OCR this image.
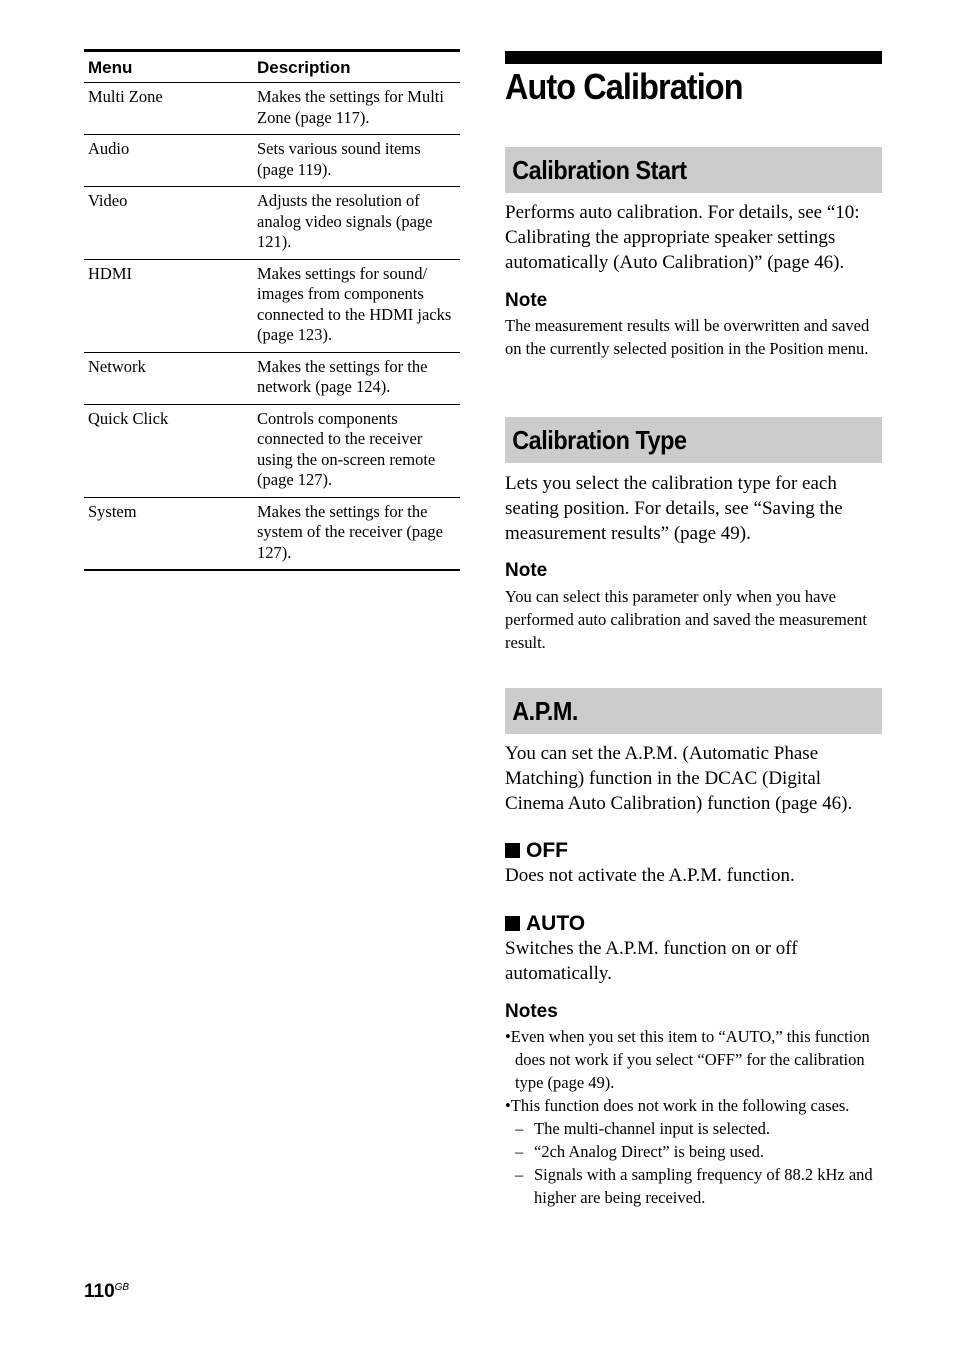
Menu	Description
Multi Zone	Makes the settings for Multi Zone (page 117).
Audio	Sets various sound items (page 119).
Video	Adjusts the resolution of analog video signals (page 121).
HDMI	Makes settings for sound/ images from components connected to the HDMI jacks (page 123).
Network	Makes the settings for the network (page 124).
Quick Click	Controls components connected to the receiver using the on-screen remote (page 127).
System	Makes the settings for the system of the receiver (page 127).
Auto Calibration
Calibration Start

Performs auto calibration. For details, see “10: Calibrating the appropriate speaker settings automatically (Auto Calibration)” (page 46).

Note

The measurement results will be overwritten and saved on the currently selected position in the Position menu.

Calibration Type

Lets you select the calibration type for each seating position. For details, see “Saving the measurement results” (page 49).

Note

You can select this parameter only when you have performed auto calibration and saved the measurement result.

A.P.M.

You can set the A.P.M. (Automatic Phase Matching) function in the DCAC (Digital Cinema Auto Calibration) function (page 46).

OFF

Does not activate the A.P.M. function.

AUTO

Switches the A.P.M. function on or off automatically.

Notes

•Even when you set this item to “AUTO,” this function does not work if you select “OFF” for the calibration type (page 49).
•This function does not work in the following cases.
– The multi-channel input is selected.
– “2ch Analog Direct” is being used.
– Signals with a sampling frequency of 88.2 kHz and higher are being received.
$110^{GB}$
